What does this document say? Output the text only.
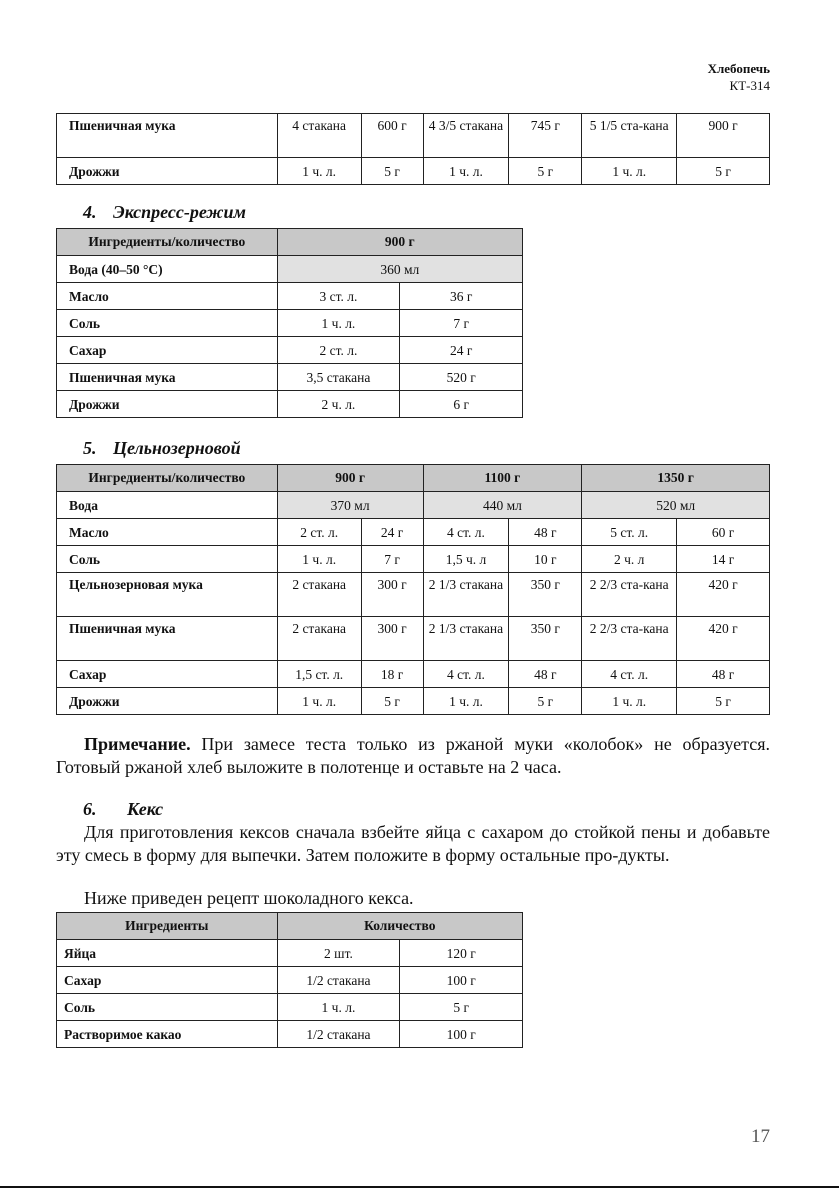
Хлебопечь
КТ-314
Пшеничная мука	4 стакана	600 г	4 3/5 стакана	745 г	5 1/5 ста-кана	900 г
Дрожжи	1 ч. л.	5 г	1 ч. л.	5 г	1 ч. л.	5 г
4. Экспресс-режим
Ингредиенты/количество	900 г	
Вода (40–50 °C)	360 мл	
Масло	3 ст. л.	36 г
Соль	1 ч. л.	7 г
Сахар	2 ст. л.	24 г
Пшеничная мука	3,5 стакана	520 г
Дрожжи	2 ч. л.	6 г
5. Цельнозерновой
Ингредиенты/количество	900 г		1100 г		1350 г	
Вода	370 мл		440 мл		520 мл	
Масло	2 ст. л.	24 г	4 ст. л.	48 г	5 ст. л.	60 г
Соль	1 ч. л.	7 г	1,5 ч. л	10 г	2 ч. л	14 г
Цельнозерновая мука	2 стакана	300 г	2 1/3 стакана	350 г	2 2/3 ста-кана	420 г
Пшеничная мука	2 стакана	300 г	2 1/3 стакана	350 г	2 2/3 ста-кана	420 г
Сахар	1,5 ст. л.	18 г	4 ст. л.	48 г	4 ст. л.	48 г
Дрожжи	1 ч. л.	5 г	1 ч. л.	5 г	1 ч. л.	5 г
Примечание. При замесе теста только из ржаной муки «колобок» не образуется. Готовый ржаной хлеб выложите в полотенце и оставьте на 2 часа.
6. Кекс
Для приготовления кексов сначала взбейте яйца с сахаром до стойкой пены и добавьте эту смесь в форму для выпечки. Затем положите в форму остальные про-дукты.
Ниже приведен рецепт шоколадного кекса.
Ингредиенты	Количество	
Яйца	2 шт.	120 г
Сахар	1/2 стакана	100 г
Соль	1 ч. л.	5 г
Растворимое какао	1/2 стакана	100 г
17
